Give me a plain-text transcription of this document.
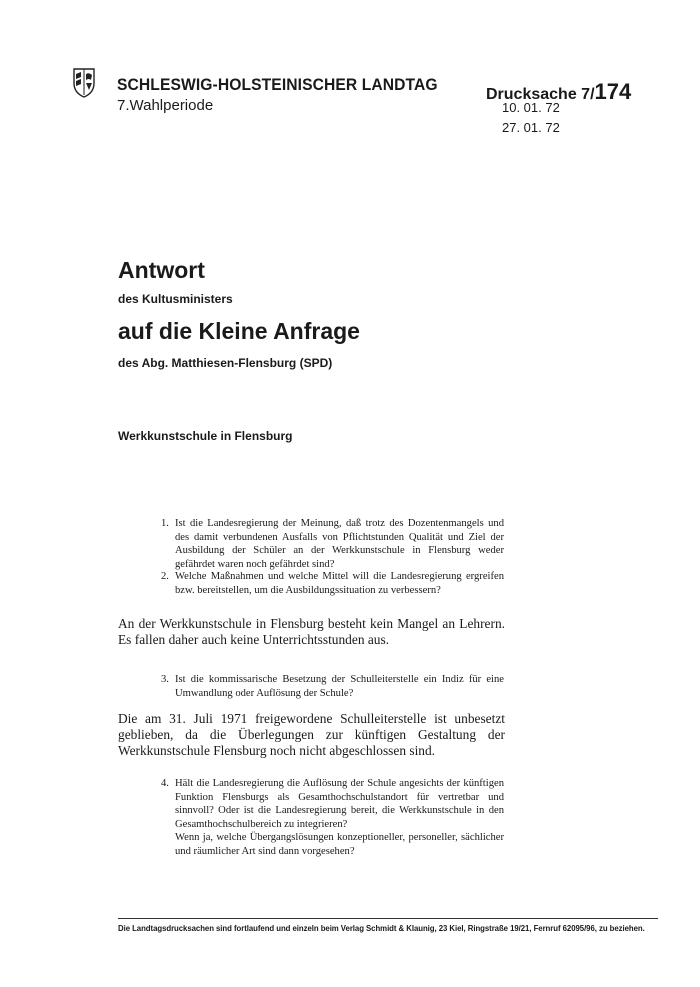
SCHLESWIG-HOLSTEINISCHER LANDTAG
7.Wahlperiode
Drucksache 7/174
10. 01. 72
27. 01. 72
Antwort
des Kultusministers
auf die Kleine Anfrage
des Abg. Matthiesen-Flensburg (SPD)
Werkkunstschule in Flensburg
1. Ist die Landesregierung der Meinung, daß trotz des Dozentenmangels und des damit verbundenen Ausfalls von Pflichtstunden Qualität und Ziel der Ausbildung der Schüler an der Werkkunstschule in Flensburg weder gefährdet waren noch gefährdet sind?
2. Welche Maßnahmen und welche Mittel will die Landesregierung ergreifen bzw. bereitstellen, um die Ausbildungssituation zu verbessern?
An der Werkkunstschule in Flensburg besteht kein Mangel an Lehrern. Es fallen daher auch keine Unterrichtsstunden aus.
3. Ist die kommissarische Besetzung der Schulleiterstelle ein Indiz für eine Umwandlung oder Auflösung der Schule?
Die am 31. Juli 1971 freigewordene Schulleiterstelle ist unbesetzt geblieben, da die Überlegungen zur künftigen Gestaltung der Werkkunstschule Flensburg noch nicht abgeschlossen sind.
4. Hält die Landesregierung die Auflösung der Schule angesichts der künftigen Funktion Flensburgs als Gesamthochschulstandort für vertretbar und sinnvoll? Oder ist die Landesregierung bereit, die Werkkunstschule in den Gesamthochschulbereich zu integrieren?

Wenn ja, welche Übergangslösungen konzeptioneller, personeller, sächlicher und räumlicher Art sind dann vorgesehen?

Die Landtagsdrucksachen sind fortlaufend und einzeln beim Verlag Schmidt & Klaunig, 23 Kiel, Ringstraße 19/21, Fernruf 62095/96, zu beziehen.
